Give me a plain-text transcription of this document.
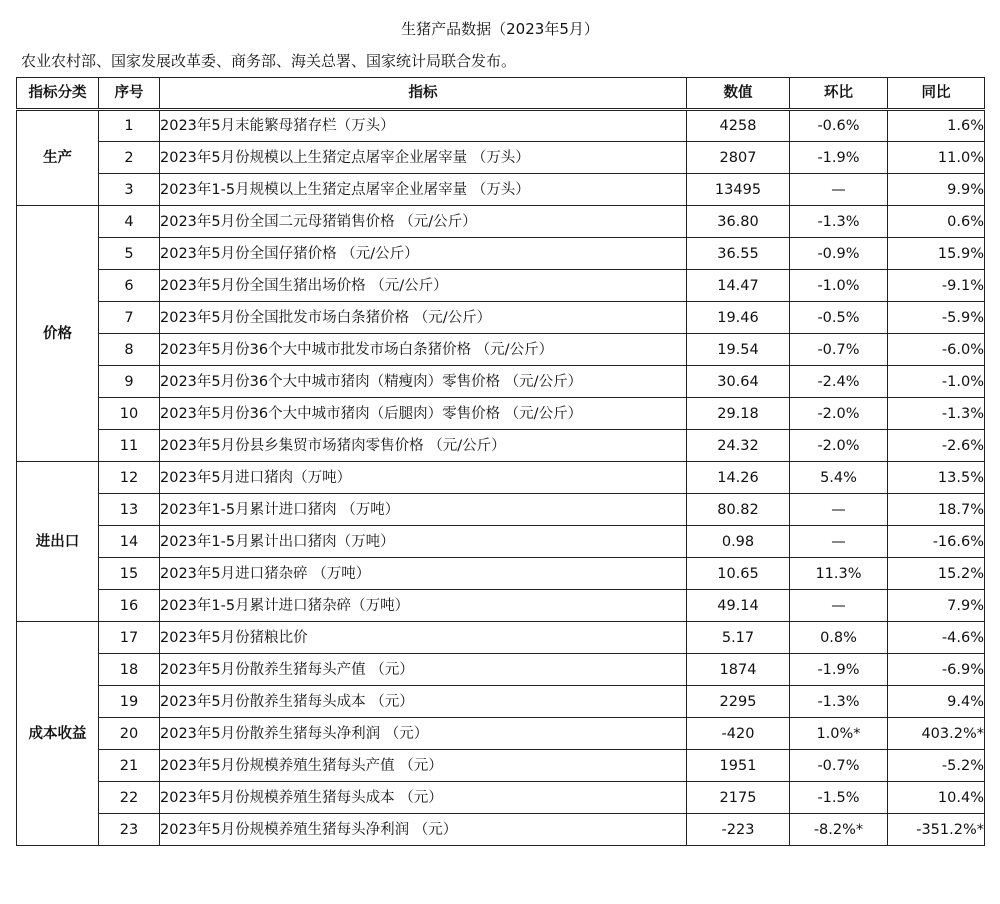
生猪产品数据（2023年5月）
农业农村部、国家发展改革委、商务部、海关总署、国家统计局联合发布。
指标分类	序号	指标	数值	环比	同比
生产	1	2023年5月末能繁母猪存栏（万头）	4258	-0.6%	1.6%
	2	2023年5月份规模以上生猪定点屠宰企业屠宰量 （万头）	2807	-1.9%	11.0%
	3	2023年1-5月规模以上生猪定点屠宰企业屠宰量 （万头）	13495	—	9.9%
价格	4	2023年5月份全国二元母猪销售价格 （元/公斤）	36.80	-1.3%	0.6%
	5	2023年5月份全国仔猪价格 （元/公斤）	36.55	-0.9%	15.9%
	6	2023年5月份全国生猪出场价格 （元/公斤）	14.47	-1.0%	-9.1%
	7	2023年5月份全国批发市场白条猪价格 （元/公斤）	19.46	-0.5%	-5.9%
	8	2023年5月份36个大中城市批发市场白条猪价格 （元/公斤）	19.54	-0.7%	-6.0%
	9	2023年5月份36个大中城市猪肉（精瘦肉）零售价格 （元/公斤）	30.64	-2.4%	-1.0%
	10	2023年5月份36个大中城市猪肉（后腿肉）零售价格 （元/公斤）	29.18	-2.0%	-1.3%
	11	2023年5月份县乡集贸市场猪肉零售价格 （元/公斤）	24.32	-2.0%	-2.6%
进出口	12	2023年5月进口猪肉（万吨）	14.26	5.4%	13.5%
	13	2023年1-5月累计进口猪肉 （万吨）	80.82	—	18.7%
	14	2023年1-5月累计出口猪肉（万吨）	0.98	—	-16.6%
	15	2023年5月进口猪杂碎 （万吨）	10.65	11.3%	15.2%
	16	2023年1-5月累计进口猪杂碎（万吨）	49.14	—	7.9%
成本收益	17	2023年5月份猪粮比价	5.17	0.8%	-4.6%
	18	2023年5月份散养生猪每头产值 （元）	1874	-1.9%	-6.9%
	19	2023年5月份散养生猪每头成本 （元）	2295	-1.3%	9.4%
	20	2023年5月份散养生猪每头净利润 （元）	-420	1.0%*	403.2%*
	21	2023年5月份规模养殖生猪每头产值 （元）	1951	-0.7%	-5.2%
	22	2023年5月份规模养殖生猪每头成本 （元）	2175	-1.5%	10.4%
	23	2023年5月份规模养殖生猪每头净利润 （元）	-223	-8.2%*	-351.2%*
